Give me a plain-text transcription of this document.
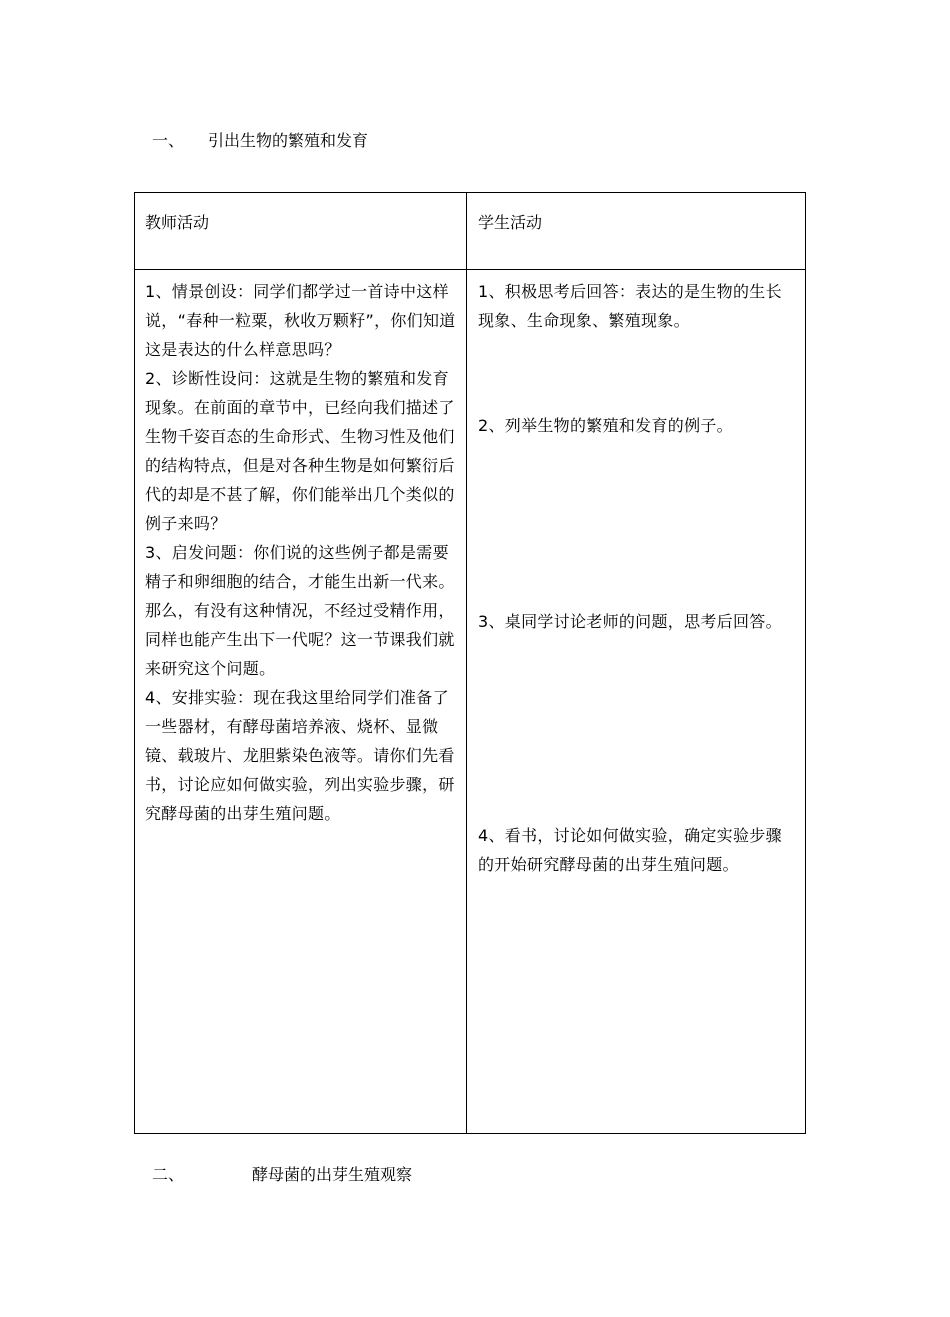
一、 引出生物的繁殖和发育
教师活动	学生活动

1、情景创设：同学们都学过一首诗中这样说，“春种一粒粟，秋收万颗籽”，你们知道这是表达的什么样意思吗？

2、诊断性设问：这就是生物的繁殖和发育现象。在前面的章节中，已经向我们描述了生物千姿百态的生命形式、生物习性及他们的结构特点，但是对各种生物是如何繁衍后代的却是不甚了解，你们能举出几个类似的例子来吗？

3、启发问题：你们说的这些例子都是需要精子和卵细胞的结合，才能生出新一代来。那么，有没有这种情况，不经过受精作用，同样也能产生出下一代呢？这一节课我们就来研究这个问题。

4、安排实验：现在我这里给同学们准备了一些器材，有酵母菌培养液、烧杯、显微镜、载玻片、龙胆紫染色液等。请你们先看书，讨论应如何做实验，列出实验步骤，研究酵母菌的出芽生殖问题。

1、积极思考后回答：表达的是生物的生长现象、生命现象、繁殖现象。

2、列举生物的繁殖和发育的例子。

3、桌同学讨论老师的问题，思考后回答。

4、看书，讨论如何做实验，确定实验步骤的开始研究酵母菌的出芽生殖问题。

二、	酵母菌的出芽生殖观察
